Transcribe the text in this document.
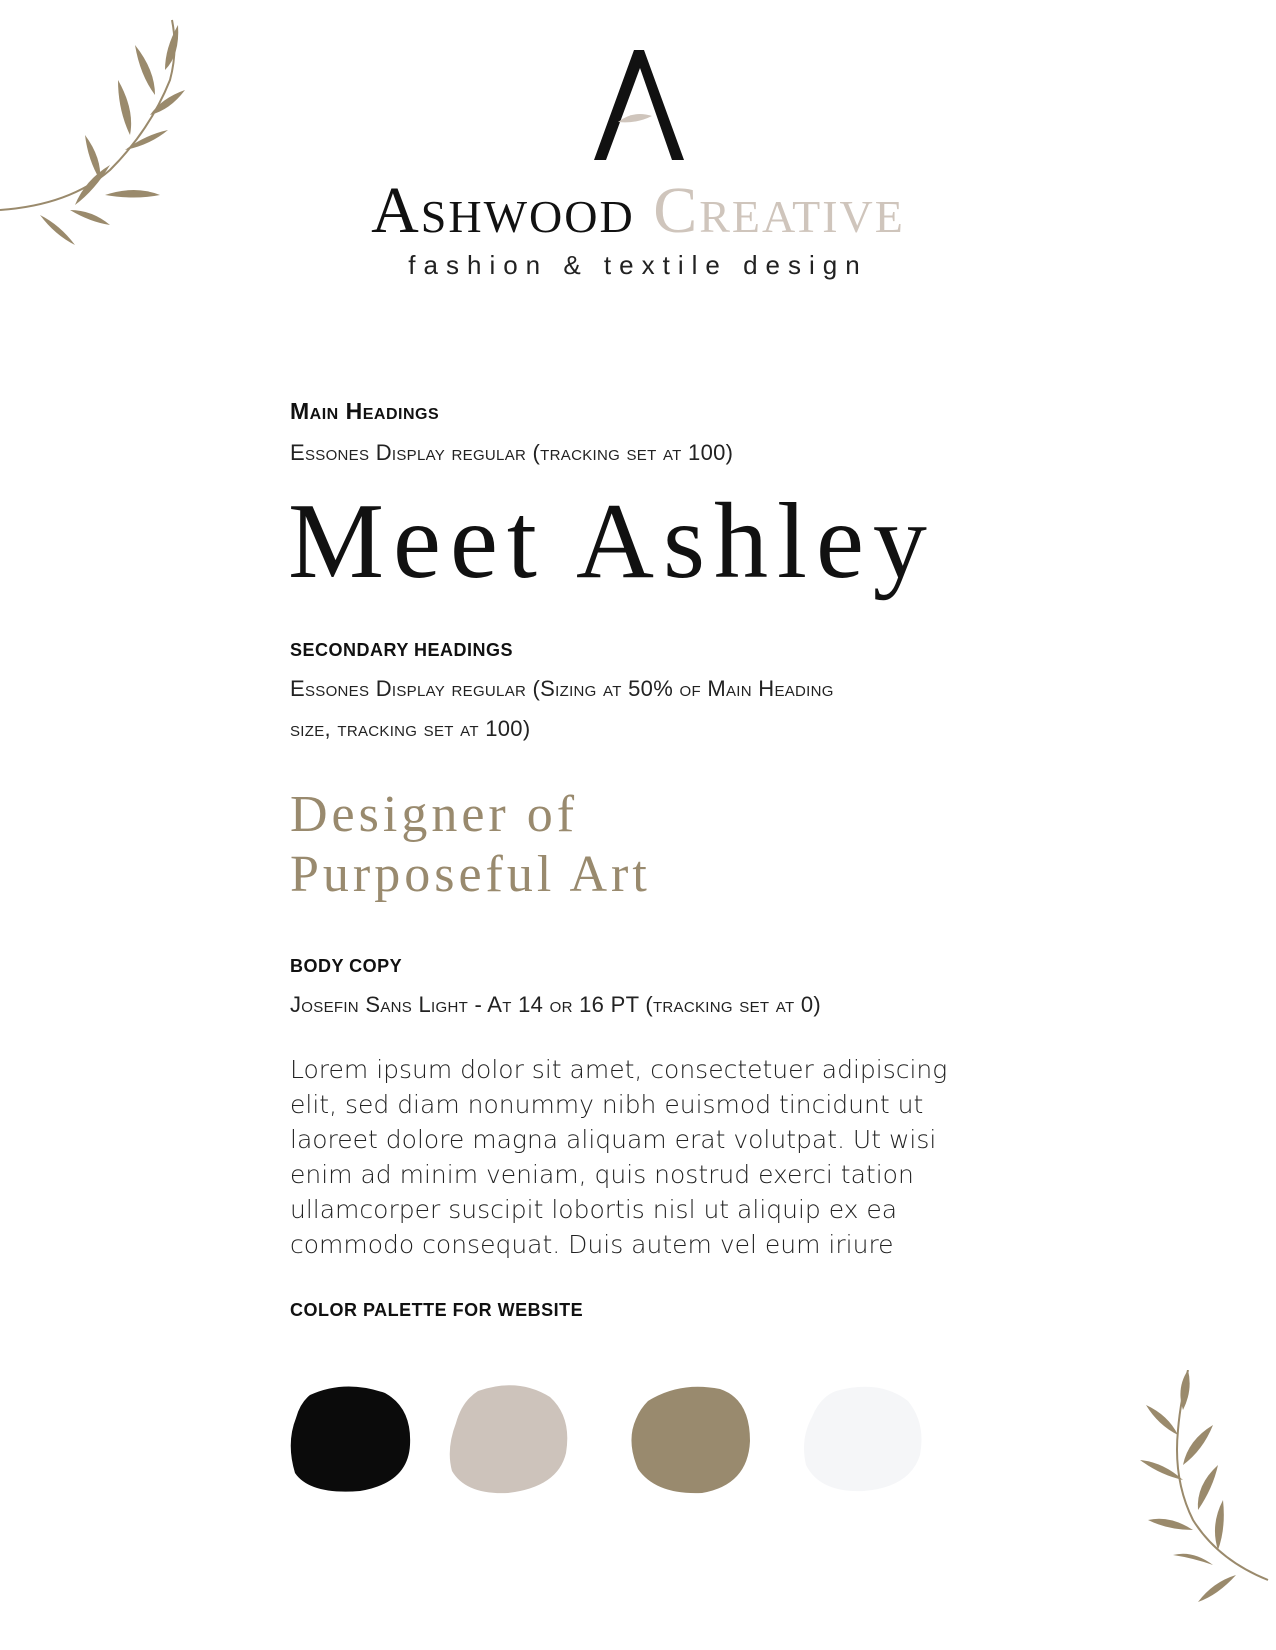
Ashwood Creative
fashion & textile design
Main Headings
Essones Display regular (tracking set at 100)
Meet Ashley
SECONDARY HEADINGS
Essones Display regular (Sizing at 50% of Main Heading
size, tracking set at 100)
Designer of
Purposeful Art
BODY COPY
Josefin Sans Light - At 14 or 16 PT (tracking set at 0)
Lorem ipsum dolor sit amet, consectetuer adipiscing
elit, sed diam nonummy nibh euismod tincidunt ut
laoreet dolore magna aliquam erat volutpat. Ut wisi
enim ad minim veniam, quis nostrud exerci tation
ullamcorper suscipit lobortis nisl ut aliquip ex ea
commodo consequat. Duis autem vel eum iriure
COLOR PALETTE FOR WEBSITE
